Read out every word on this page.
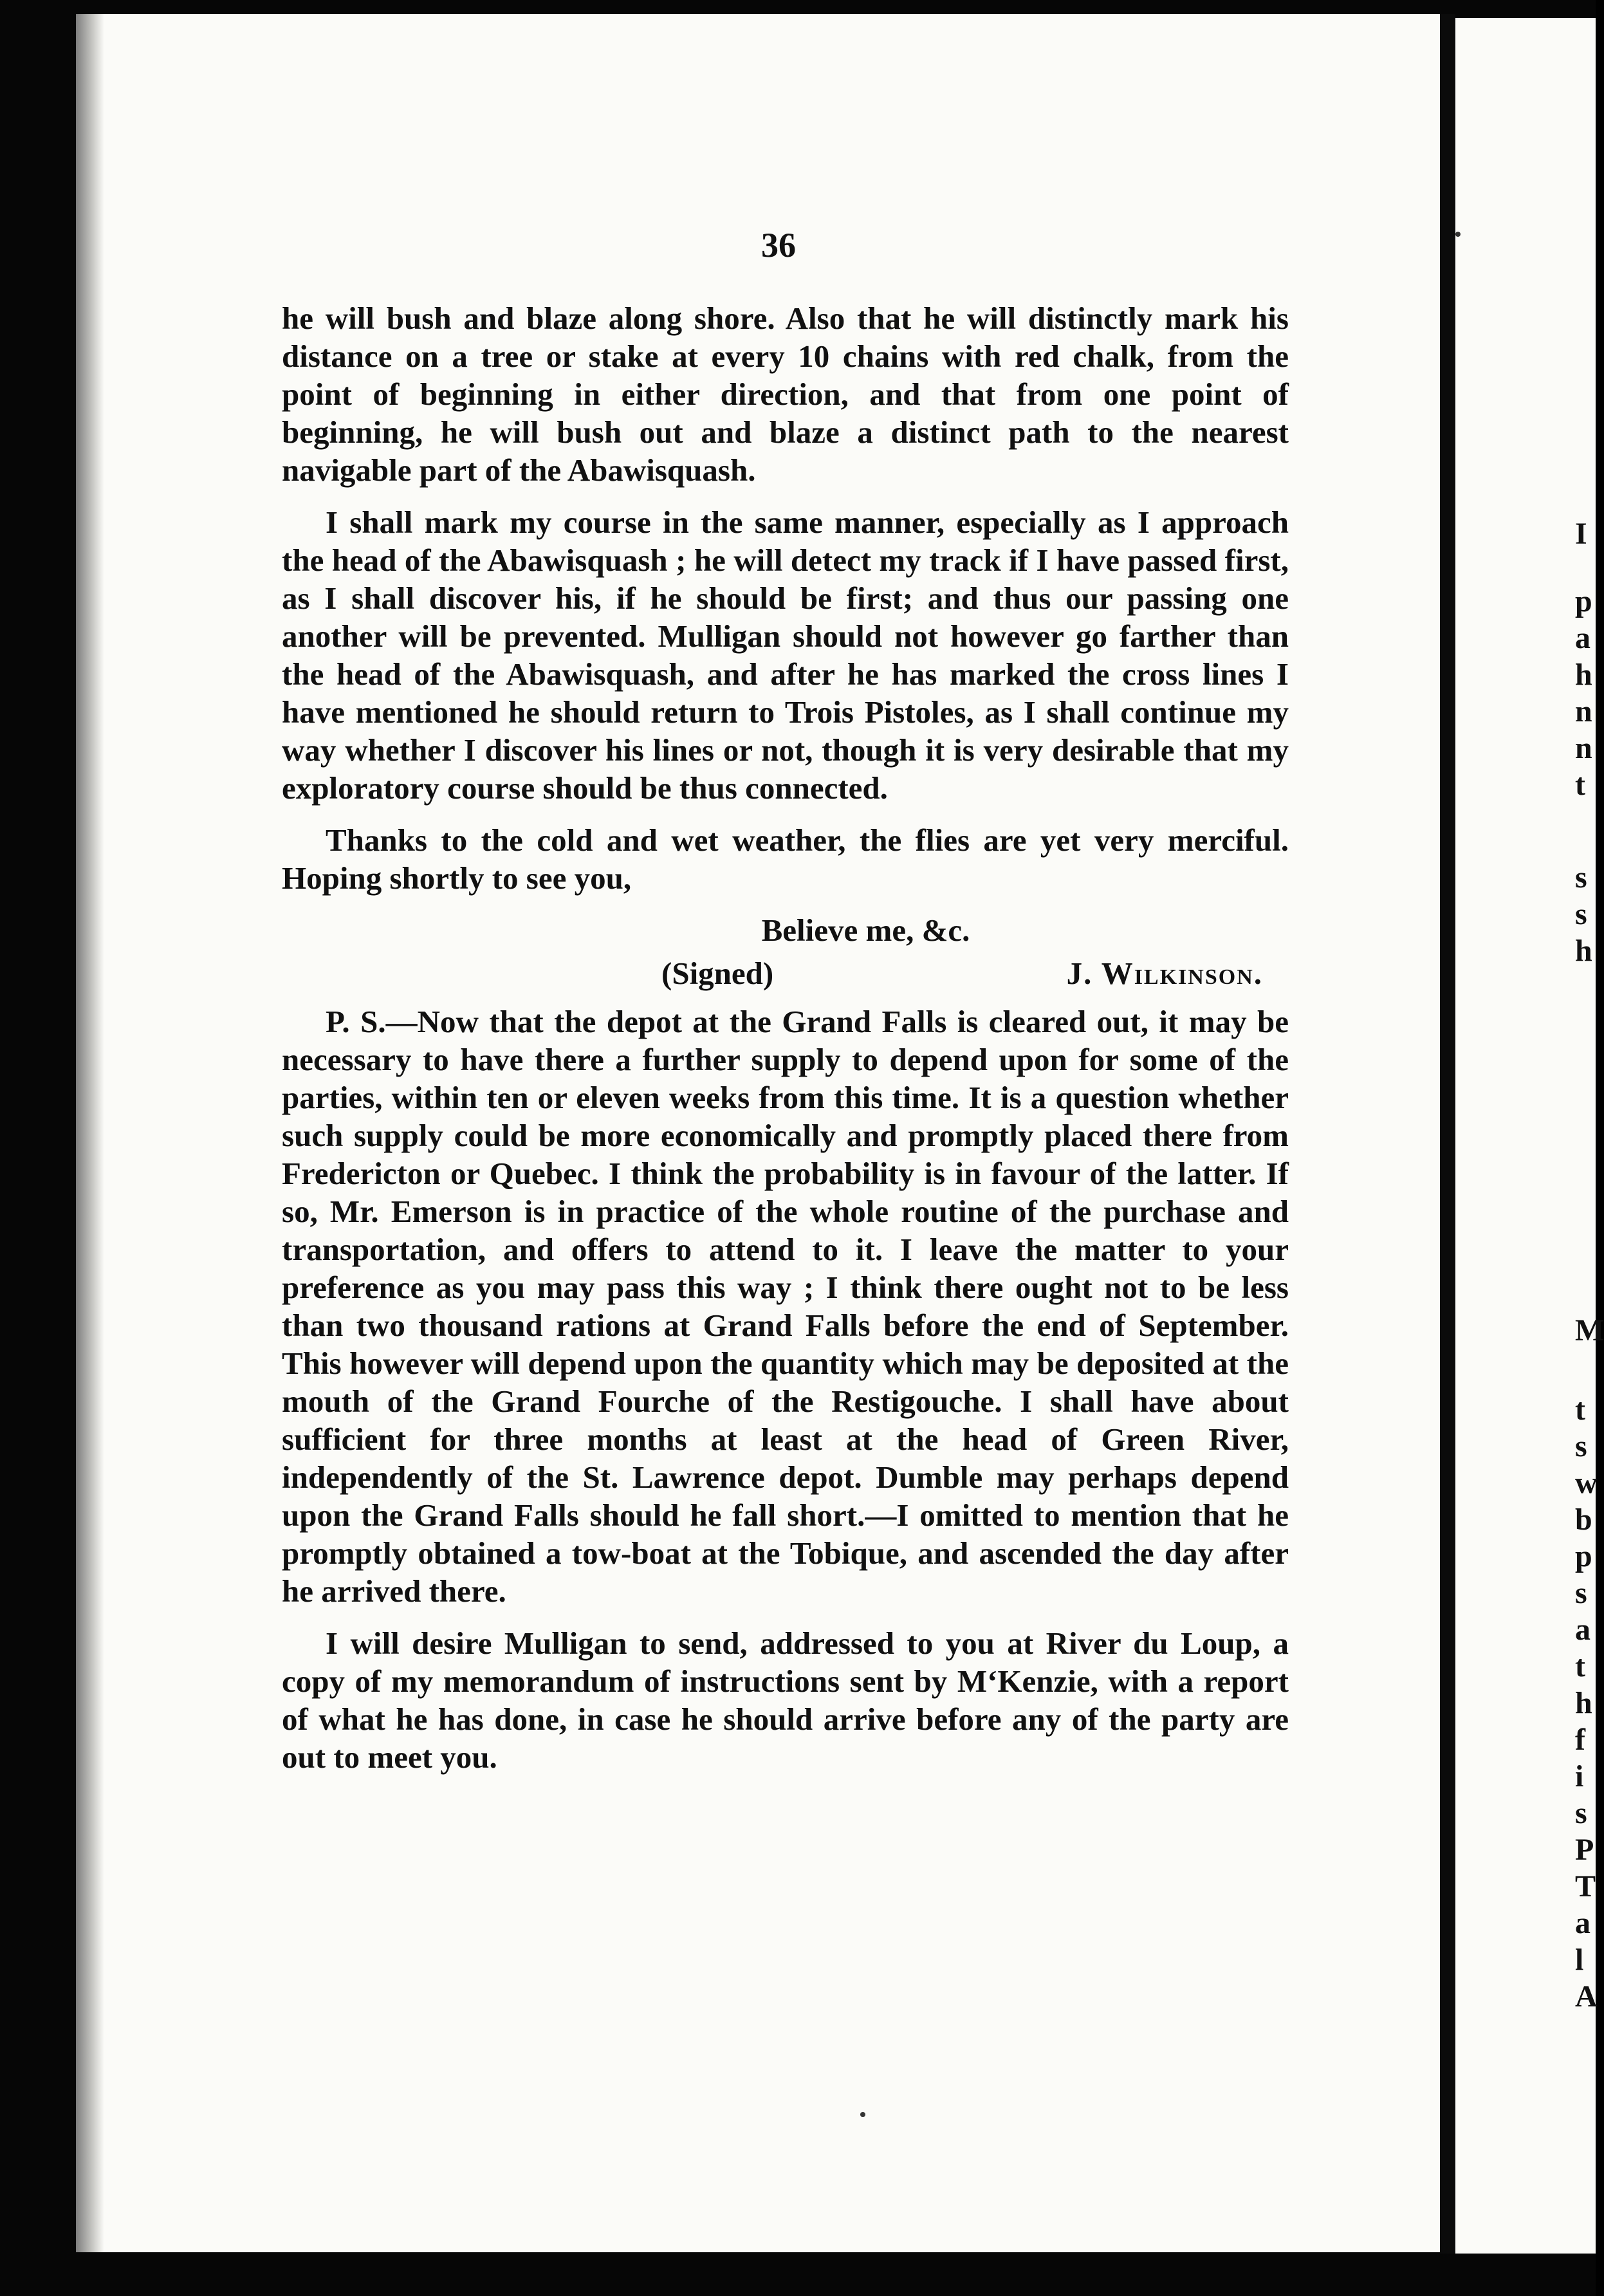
36

he will bush and blaze along shore. Also that he will distinctly mark his distance on a tree or stake at every 10 chains with red chalk, from the point of beginning in either direction, and that from one point of beginning, he will bush out and blaze a distinct path to the nearest navigable part of the Abawisquash.

I shall mark my course in the same manner, especially as I approach the head of the Abawisquash ; he will detect my track if I have passed first, as I shall discover his, if he should be first; and thus our passing one another will be prevented. Mulligan should not however go farther than the head of the Abawisquash, and after he has marked the cross lines I have mentioned he should return to Trois Pistoles, as I shall continue my way whether I discover his lines or not, though it is very desirable that my exploratory course should be thus connected.

Thanks to the cold and wet weather, the flies are yet very merciful. Hoping shortly to see you,

Believe me, &c.
(Signed)	J. Wilkinson.

P. S.—Now that the depot at the Grand Falls is cleared out, it may be necessary to have there a further supply to depend upon for some of the parties, within ten or eleven weeks from this time. It is a question whether such supply could be more economically and promptly placed there from Fredericton or Quebec. I think the probability is in favour of the latter. If so, Mr. Emerson is in practice of the whole routine of the purchase and transportation, and offers to attend to it. I leave the matter to your preference as you may pass this way ; I think there ought not to be less than two thousand rations at Grand Falls before the end of September. This however will depend upon the quantity which may be deposited at the mouth of the Grand Fourche of the Restigouche. I shall have about sufficient for three months at least at the head of Green River, independently of the St. Lawrence depot. Dumble may perhaps depend upon the Grand Falls should he fall short.—I omitted to mention that he promptly obtained a tow-boat at the Tobique, and ascended the day after he arrived there.

I will desire Mulligan to send, addressed to you at River du Loup, a copy of my memorandum of instructions sent by M‘Kenzie, with a report of what he has done, in case he should arrive before any of the party are out to meet you.

I
p
a
h
n
n
t
s
s
h
M
t
s
w
b
p
s
a
t
h
f
i
s
P
T
a
l
A
